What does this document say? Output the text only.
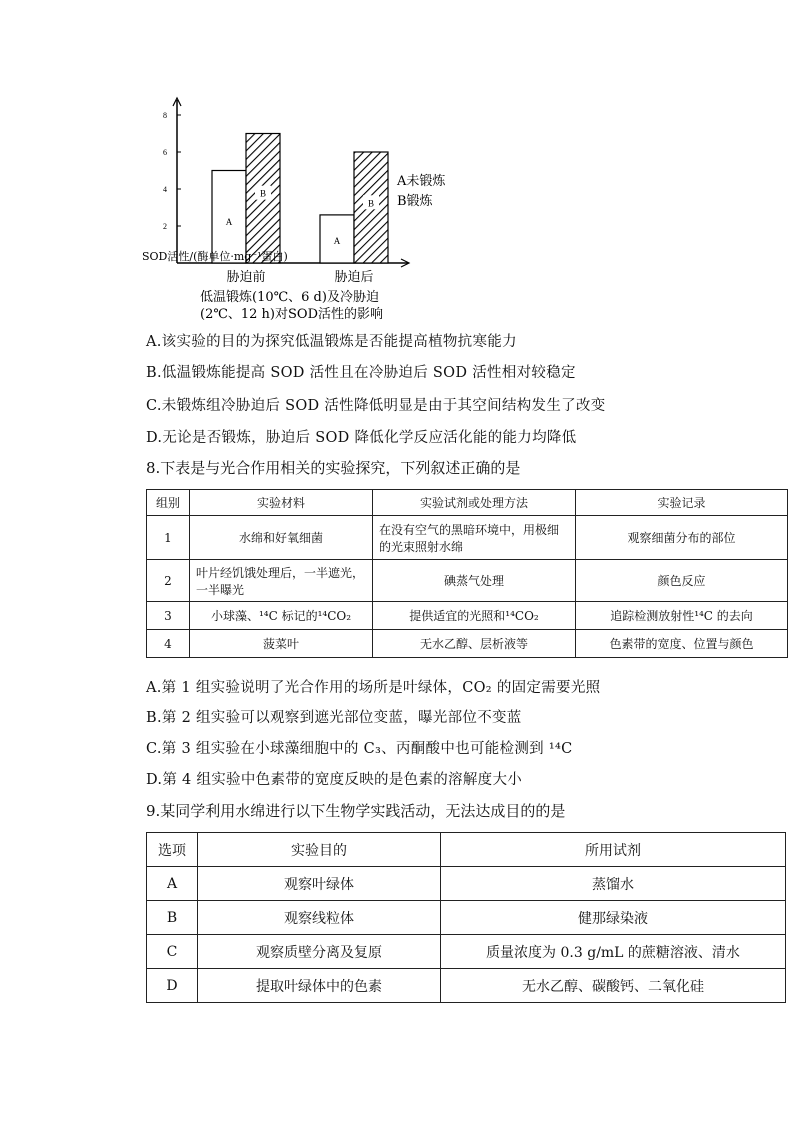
2
4
6
8
A
B
胁迫前
A
B
胁迫后
A未锻炼
B锻炼
SOD活性/(酶单位·mg⁻¹蛋白)
低温锻炼(10℃、6 d)及冷胁迫
(2℃、12 h)对SOD活性的影响
A.该实验的目的为探究低温锻炼是否能提高植物抗寒能力
B.低温锻炼能提高 SOD 活性且在冷胁迫后 SOD 活性相对较稳定
C.未锻炼组冷胁迫后 SOD 活性降低明显是由于其空间结构发生了改变
D.无论是否锻炼，胁迫后 SOD 降低化学反应活化能的能力均降低
8.下表是与光合作用相关的实验探究，下列叙述正确的是
组别	实验材料	实验试剂或处理方法	实验记录
1	水绵和好氧细菌	在没有空气的黑暗环境中，用极细的光束照射水绵	观察细菌分布的部位
2	叶片经饥饿处理后，一半遮光，一半曝光	碘蒸气处理	颜色反应
3	小球藻、¹⁴C 标记的¹⁴CO₂	提供适宜的光照和¹⁴CO₂	追踪检测放射性¹⁴C 的去向
4	菠菜叶	无水乙醇、层析液等	色素带的宽度、位置与颜色
A.第 1 组实验说明了光合作用的场所是叶绿体，CO₂ 的固定需要光照
B.第 2 组实验可以观察到遮光部位变蓝，曝光部位不变蓝
C.第 3 组实验在小球藻细胞中的 C₃、丙酮酸中也可能检测到 ¹⁴C
D.第 4 组实验中色素带的宽度反映的是色素的溶解度大小
9.某同学利用水绵进行以下生物学实践活动，无法达成目的的是
选项	实验目的	所用试剂
A	观察叶绿体	蒸馏水
B	观察线粒体	健那绿染液
C	观察质壁分离及复原	质量浓度为 0.3 g/mL 的蔗糖溶液、清水
D	提取叶绿体中的色素	无水乙醇、碳酸钙、二氧化硅
